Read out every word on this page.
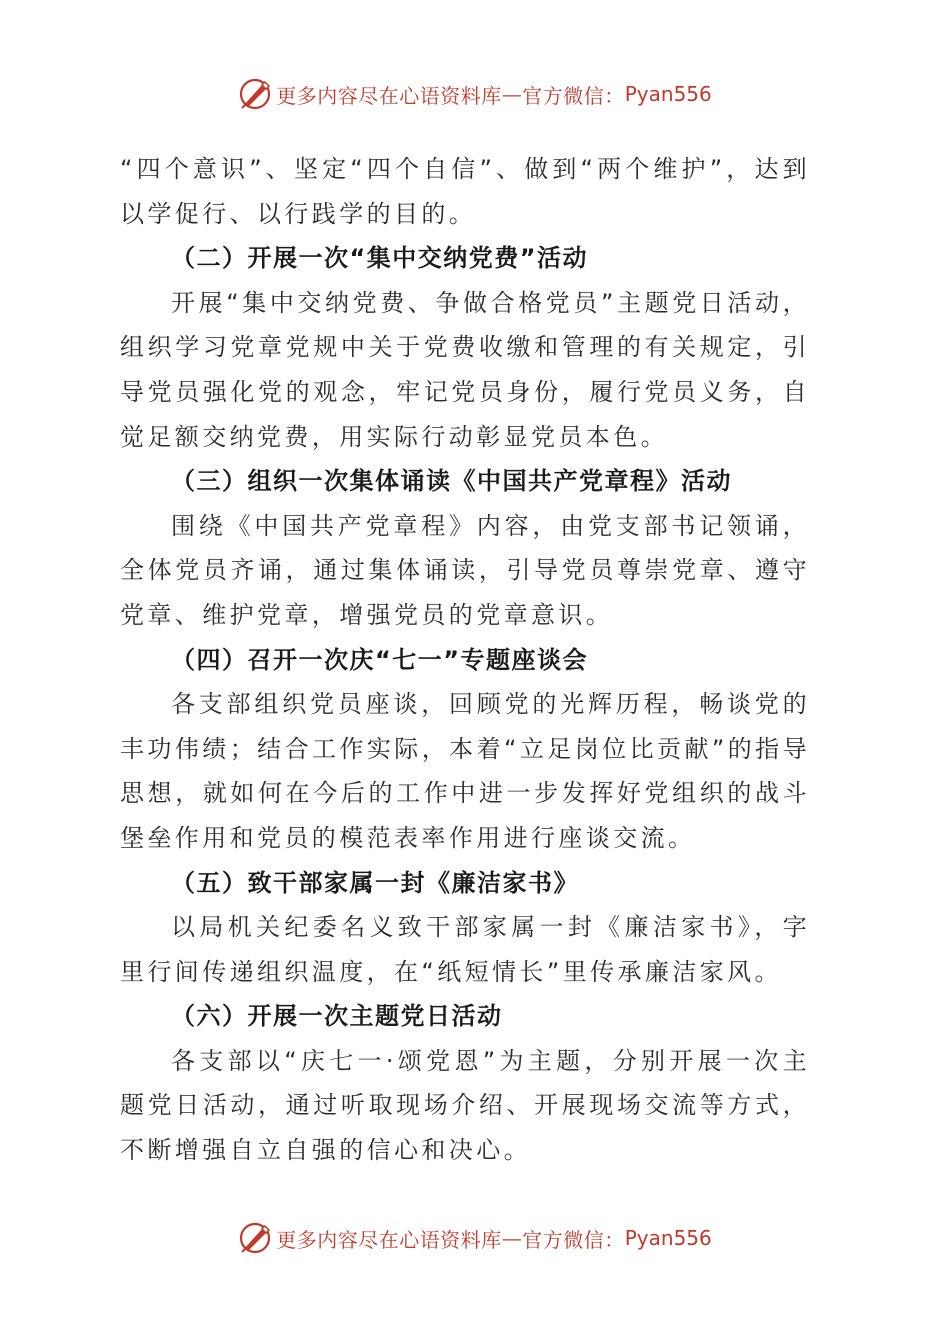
更多内容尽在心语资料库 — 官方微信： Pyan556

“四个意识”、坚定“四个自信”、做到“两个维护”，达到以学促行、以行践学的目的。

（二）开展一次“集中交纳党费”活动

开展“集中交纳党费、争做合格党员”主题党日活动，组织学习党章党规中关于党费收缴和管理的有关规定，引导党员强化党的观念，牢记党员身份，履行党员义务，自觉足额交纳党费，用实际行动彰显党员本色。

（三）组织一次集体诵读《中国共产党章程》活动

围绕《中国共产党章程》内容，由党支部书记领诵，全体党员齐诵，通过集体诵读，引导党员尊崇党章、遵守党章、维护党章，增强党员的党章意识。

（四）召开一次庆“七一”专题座谈会

各支部组织党员座谈，回顾党的光辉历程，畅谈党的丰功伟绩；结合工作实际，本着“立足岗位比贡献”的指导思想，就如何在今后的工作中进一步发挥好党组织的战斗堡垒作用和党员的模范表率作用进行座谈交流。

（五）致干部家属一封《廉洁家书》

以局机关纪委名义致干部家属一封《廉洁家书》，字里行间传递组织温度，在“纸短情长”里传承廉洁家风。

（六）开展一次主题党日活动

各支部以“庆七一·颂党恩”为主题，分别开展一次主题党日活动，通过听取现场介绍、开展现场交流等方式，不断增强自立自强的信心和决心。

更多内容尽在心语资料库 — 官方微信： Pyan556
